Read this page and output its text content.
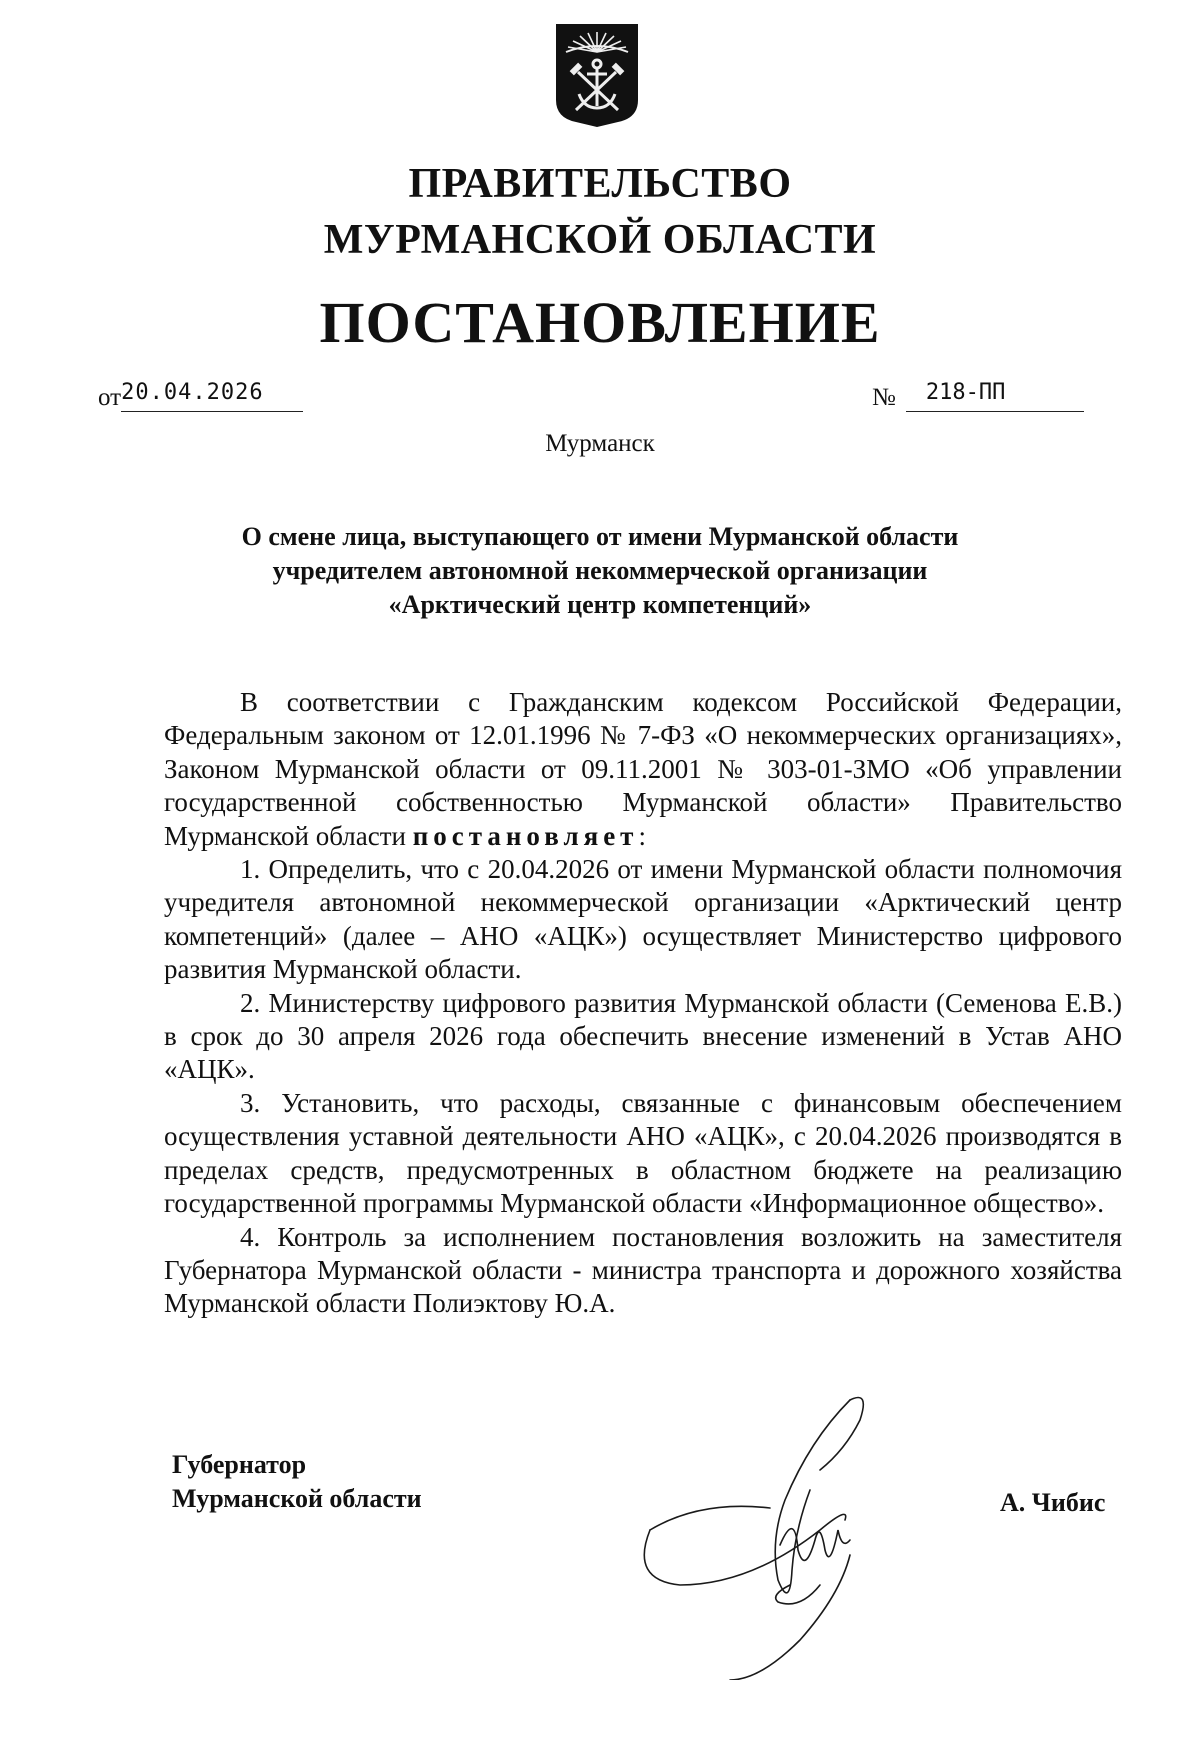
ПРАВИТЕЛЬСТВО
МУРМАНСКОЙ ОБЛАСТИ
ПОСТАНОВЛЕНИЕ
от20.04.2026	№ 218-ПП
Мурманск
О смене лица, выступающего от имени Мурманской области
учредителем автономной некоммерческой организации
«Арктический центр компетенций»

В соответствии с Гражданским кодексом Российской Федерации, Федеральным законом от 12.01.1996 № 7-ФЗ «О некоммерческих организациях», Законом Мурманской области от 09.11.2001 № 303-01-ЗМО «Об управлении государственной собственностью Мурманской области» Правительство Мурманской области постановляет:

1. Определить, что с 20.04.2026 от имени Мурманской области полномочия учредителя автономной некоммерческой организации «Арктический центр компетенций» (далее – АНО «АЦК») осуществляет Министерство цифрового развития Мурманской области.

2. Министерству цифрового развития Мурманской области (Семенова Е.В.) в срок до 30 апреля 2026 года обеспечить внесение изменений в Устав АНО «АЦК».

3. Установить, что расходы, связанные с финансовым обеспечением осуществления уставной деятельности АНО «АЦК», с 20.04.2026 производятся в пределах средств, предусмотренных в областном бюджете на реализацию государственной программы Мурманской области «Информационное общество».

4. Контроль за исполнением постановления возложить на заместителя Губернатора Мурманской области - министра транспорта и дорожного хозяйства Мурманской области Полиэктову Ю.А.

Губернатор
Мурманской области	А. Чибис
